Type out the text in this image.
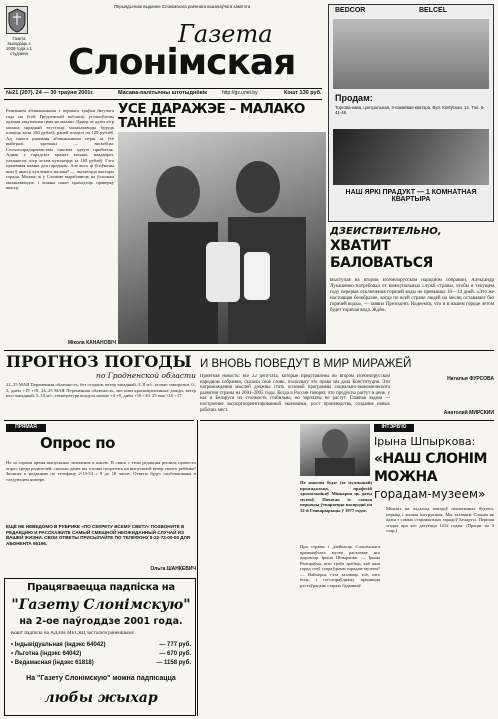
Газета выходзіць з 1939 года з 1 студзеня
Перыядычнае выданне Слонімскага раённага выканаўчага камітэта
Газета
Слонімская
№21 (207). 24 — 30 траўня 2001г.	Масава-палітычны штотыднёвік	http://gs.unet.by	Кошт 130 руб.
BEDCOR	BELCEL
Продам:
Торгова-кава, цэнтральная, 4-пакаёвая кватэра. Вул. Кілёўская, 14. Тэл. 5-41-48
НАШ ЯРКІ ПРАДУКТ — 1 КОМНАТНАЯ КВАРТЫРА
УСЁ ДАРАЖЭЕ – МАЛАКО ТАННЕЕ
Рашэннем аблвыканкома з першага траўня бягучага года на ўсёй Гродзенскай вобласці устаноўлены адзіная закупачная цана на малако. Цяпер за адзін літр малака сярэдняй тлустасці малаказаводы будуць плаціць каля 160 рублёў, раней плацілі па 129 рублёў. Ад такога рашэння аблвыканкома перш за ўсё выйгралі здатчыкі — вяскоўцы. Сельгаспрадпрыемствы таксама адчулі прыбытак. Аднак у гарадскіх крамах малако, наадварот, патаннела: літр летам купляецца за 165 рублёў. Гэта прыемная навіна для гараджан. Але вось ці ўпэўнены яны ў якасці купленага малака? — пытаюцца жыхары горада. Малако ж у Слоніме вырабляюць на ўласным малаказаводзе, і кожны пакет праходзіць праверку якасці.
Мікола КАНАНОВІЧ
ДЗЕЙСТВИТЕЛЬНО,
ХВАТИТ БАЛОВАТЬСЯ
Выступая на втором Всебелорусском народном собрании, Александр Лукашенко потребовал от коммунальных служб страны, чтобы в текущем году перерыв отключения горячей воды не превышал 10—14 дней. «Это же настоящая безобразие, когда по всей стране людей на месяц оставляют без горячей воды», — заявил Президент. Надеемся, что и в нашем городе летом будет горячая вода. Ждём.
Наталья ФУРСОВА
ПРОГНОЗ ПОГОДЫ
по Гродненской области
22–25 МАЯ Переменная облачность, без осадков, ветер западный, 3–8 м/с, ночью заморозки, 0–5, днём +15 +18. 24–25 МАЯ Переменная облачность, местами кратковременные дожди, ветер юго-западный, 5–10 м/с, температура воздуха ночью +4 +9, днём +16 +20. 25 мая +10 +17.
И ВНОВЬ ПОВЕДУТ В МИР МИРАЖЕЙ
Приятная новость: все 22 депутата, которые представлены во втором Всебелорусском народном собрании, сказали своё слово, поскольку это право им дала Конституция. Эти нагромождения мыслей должны стать основой программы социально-экономического развития страны на 2001–2005 годы. Когда в России говорят, что продукты растут в цене, у нас в Беларуси их стоимость стабильна, но зарплаты не растут. Главная задача — построение экспортоориентированной экономики, рост производства, создание новых рабочих мест.	Анатолий МИРСКИЙ
ПРЯМАЯ
Опрос по
Не за горами время выпускных экзаменов в школе. В связи с этим редакция решила провести опрос среди родителей: сколько денег вы готовы потратить на выпускной вечер своего ребёнка? Звоните в редакцию по телефону 2-13-53 с 9 до 18 часов. Ответы будут опубликованы в следующем номере.
ЕЩЁ НЕ НЕВЕДОМО В РУБРИКЕ «ПО СЕКРЕТУ ВСЕМУ СВЕТУ» ПОЗВОНИТЕ В РЕДАКЦИЮ И РАССКАЖИТЕ САМЫЙ СМЕШНОЙ НЕОЖИДАННЫЙ СЛУЧАЙ ИЗ ВАШЕЙ ЖИЗНИ. СВОИ ОТВЕТЫ ПРИСЫЛАЙТЕ ПО ТЕЛЕФОНУ 8-22-73-00-00 ДЛЯ АБОНЕНТА 55196.
Ольга ШАНКЕВИЧ
Працягваецца падпіска на
"Газету Слонімскую"
на 2-ое паўгоддзе 2001 года.
Кошт падпіскі на АДЗІН МЕСЯЦ засталіся ранейшымі:
• Індывідуальная (індэкс 64042)	— 777 руб.
• Льготна (індэкс 64042)	— 670 руб.
• Ведамасная (індэкс 61818)	— 1158 руб.
На "Газету Слонімскую" можна падпісацца
любы жыхар
ІНТЭРВ'Ю
Ірына Шпыркова:
«НАШ СЛОНІМ
МОЖНА
горадам-музеем»
Не многим будзе (за мужчынай) прыгадальца, прафесій здымальнікаў Мінкарпа ць даты музеяў. Пачатак іх самыя перыяды ўтвараецца пасярэдні па 12-й Генварырыцы ў 1977 годзе.
Пра стравы і дзейнасць Слонімскага краязнаўчага музея расказвае яго дырэктар Ірына Шпыркова. — Ірына Рыгораўна, што трэба зрабіць, каб наш горад стаў сапраўдным горадам-музеем? — Найперш, гэта захаваць тое, што ёсць, і па-сапраўднаму прыняцца рэстаўрацыю старых будынкаў.
Мінскіх на падыход паяздоў свяшчэнных будзеш, перыяд і ягоная інструкцыя. Мы захаваем Слонім як адзін з самых старажытных гарадоў Беларусі. Першая згадка пра яго датуецца 1252 годам. (Працяг на 3 стар.)
